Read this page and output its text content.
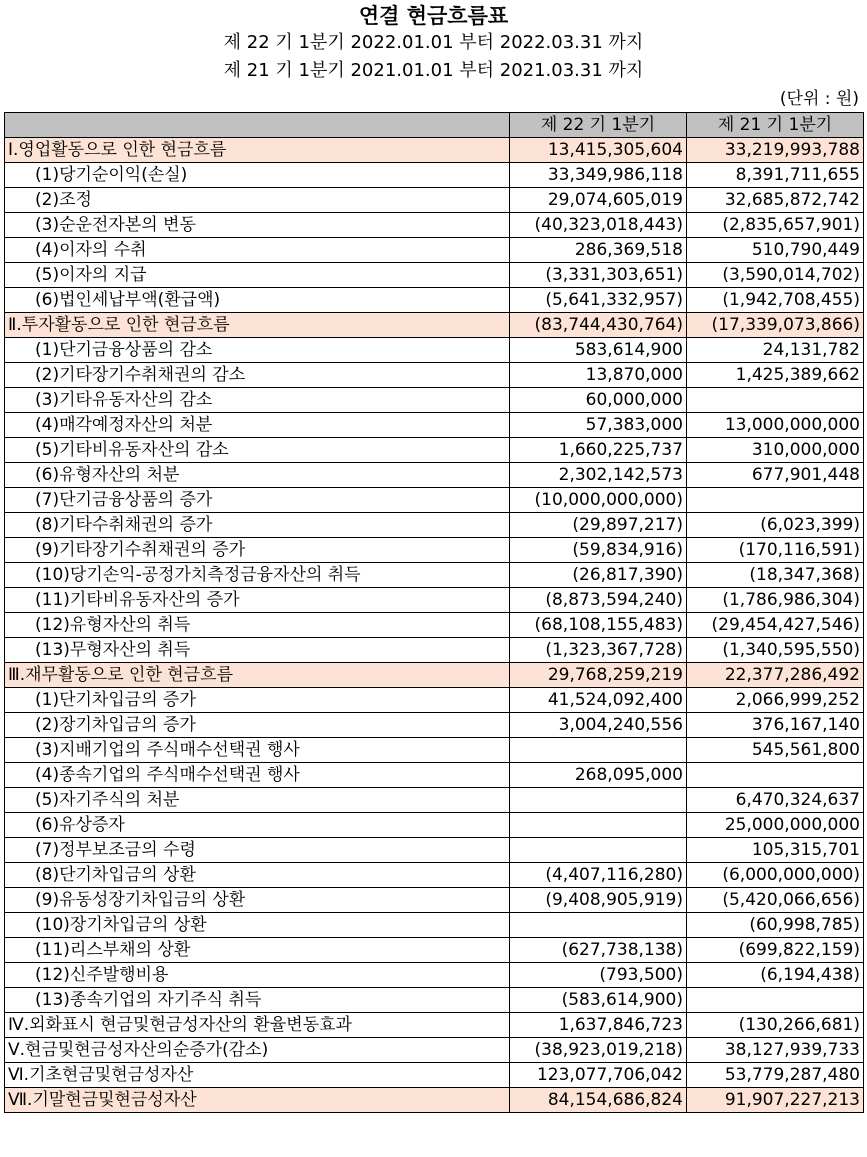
연결 현금흐름표
제 22 기 1분기 2022.01.01 부터 2022.03.31 까지
제 21 기 1분기 2021.01.01 부터 2021.03.31 까지
(단위 : 원)
	제 22 기 1분기	제 21 기 1분기
Ⅰ.영업활동으로 인한 현금흐름	13,415,305,604	33,219,993,788
(1)당기순이익(손실)	33,349,986,118	8,391,711,655
(2)조정	29,074,605,019	32,685,872,742
(3)순운전자본의 변동	(40,323,018,443)	(2,835,657,901)
(4)이자의 수취	286,369,518	510,790,449
(5)이자의 지급	(3,331,303,651)	(3,590,014,702)
(6)법인세납부액(환급액)	(5,641,332,957)	(1,942,708,455)
Ⅱ.투자활동으로 인한 현금흐름	(83,744,430,764)	(17,339,073,866)
(1)단기금융상품의 감소	583,614,900	24,131,782
(2)기타장기수취채권의 감소	13,870,000	1,425,389,662
(3)기타유동자산의 감소	60,000,000	
(4)매각예정자산의 처분	57,383,000	13,000,000,000
(5)기타비유동자산의 감소	1,660,225,737	310,000,000
(6)유형자산의 처분	2,302,142,573	677,901,448
(7)단기금융상품의 증가	(10,000,000,000)	
(8)기타수취채권의 증가	(29,897,217)	(6,023,399)
(9)기타장기수취채권의 증가	(59,834,916)	(170,116,591)
(10)당기손익-공정가치측정금융자산의 취득	(26,817,390)	(18,347,368)
(11)기타비유동자산의 증가	(8,873,594,240)	(1,786,986,304)
(12)유형자산의 취득	(68,108,155,483)	(29,454,427,546)
(13)무형자산의 취득	(1,323,367,728)	(1,340,595,550)
Ⅲ.재무활동으로 인한 현금흐름	29,768,259,219	22,377,286,492
(1)단기차입금의 증가	41,524,092,400	2,066,999,252
(2)장기차입금의 증가	3,004,240,556	376,167,140
(3)지배기업의 주식매수선택권 행사		545,561,800
(4)종속기업의 주식매수선택권 행사	268,095,000	
(5)자기주식의 처분		6,470,324,637
(6)유상증자		25,000,000,000
(7)정부보조금의 수령		105,315,701
(8)단기차입금의 상환	(4,407,116,280)	(6,000,000,000)
(9)유동성장기차입금의 상환	(9,408,905,919)	(5,420,066,656)
(10)장기차입금의 상환		(60,998,785)
(11)리스부채의 상환	(627,738,138)	(699,822,159)
(12)신주발행비용	(793,500)	(6,194,438)
(13)종속기업의 자기주식 취득	(583,614,900)	
Ⅳ.외화표시 현금및현금성자산의 환율변동효과	1,637,846,723	(130,266,681)
Ⅴ.현금및현금성자산의순증가(감소)	(38,923,019,218)	38,127,939,733
Ⅵ.기초현금및현금성자산	123,077,706,042	53,779,287,480
Ⅶ.기말현금및현금성자산	84,154,686,824	91,907,227,213
